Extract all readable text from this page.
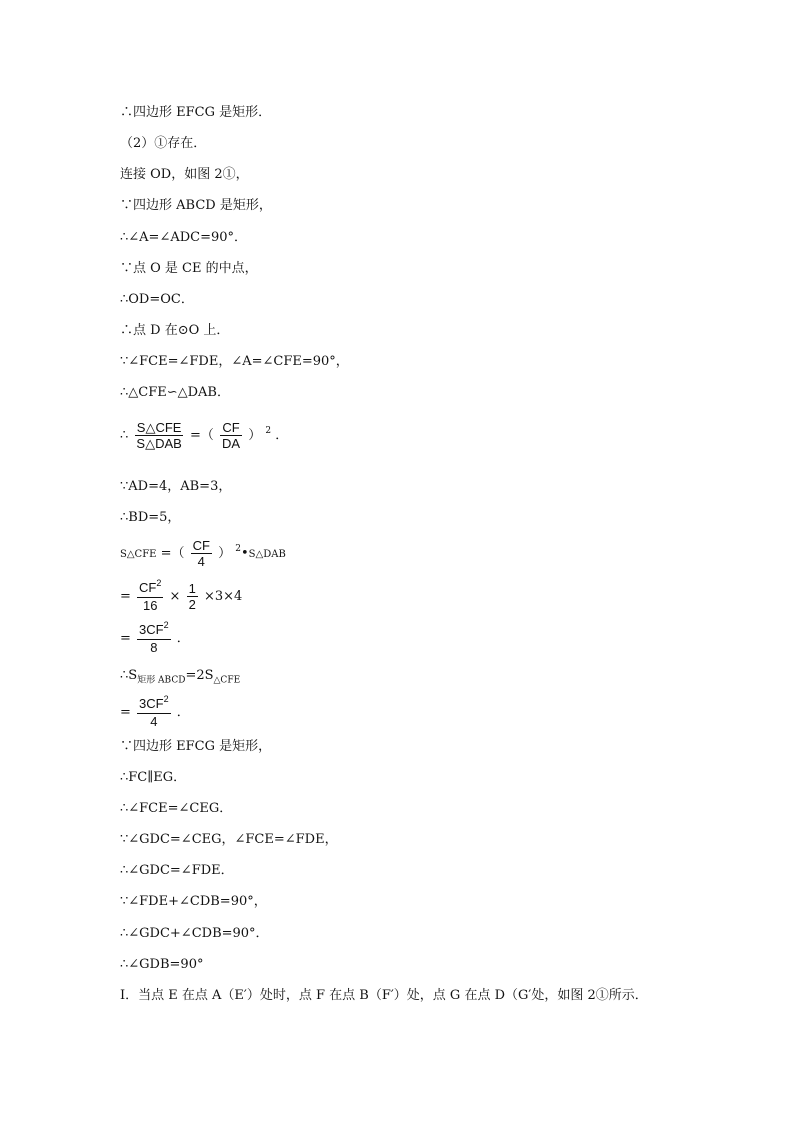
∴四边形 EFCG 是矩形．
（2）①存在．
连接 OD，如图 2①，
∵四边形 ABCD 是矩形，
∴∠A=∠ADC=90°．
∵点 O 是 CE 的中点，
∴OD=OC．
∴点 D 在⊙O 上．
∵∠FCE=∠FDE，∠A=∠CFE=90°，
∴△CFE∽△DAB．
∴ $\frac{\text{S△CFE}}{\text{S△DAB}}$ =（ $\frac{CF}{DA}$ ） $^2$ ．
∵AD=4，AB=3，
∴BD=5，
S△CFE =（ $\frac{CF}{4}$ ） $^2$•S△DAB
= $\frac{CF^2}{16} \times \frac{1}{2} \times 3\times 4$
= $\frac{3CF^2}{8}$ ．
$\therefore S_{矩形 ABCD}=2S_{\triangle CFE}$
= $\frac{3CF^2}{4}$ ．
∵四边形 EFCG 是矩形，
∴FC∥EG．
∴∠FCE=∠CEG．
∵∠GDC=∠CEG，∠FCE=∠FDE，
∴∠GDC=∠FDE．
∵∠FDE+∠CDB=90°，
∴∠GDC+∠CDB=90°．
∴∠GDB=90°
Ⅰ．当点 E 在点 A（E′）处时，点 F 在点 B（F′）处，点 G 在点 D（G′处，如图 2①所示．
